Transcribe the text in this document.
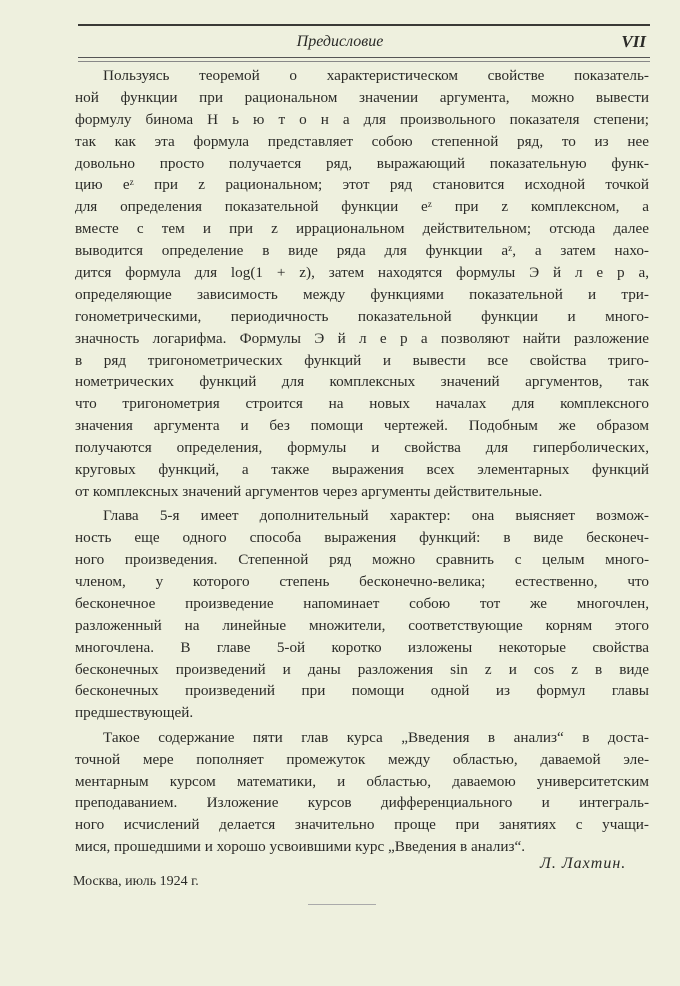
Предисловие	VII
Пользуясь теоремой о характеристическом свойстве показатель-
ной функции при рациональном значении аргумента, можно вывести
формулу бинома Н ь ю т о н а для произвольного показателя степени;
так как эта формула представляет собою степенной ряд, то из нее
довольно просто получается ряд, выражающий показательную функ-
цию eᶻ при z рациональном; этот ряд становится исходной точкой
для определения показательной функции eᶻ при z комплексном, а
вместе с тем и при z иррациональном действительном; отсюда далее
выводится определение в виде ряда для функции aᶻ, а затем нахо-
дится формула для log(1 + z), затем находятся формулы Э й л е р а,
определяющие зависимость между функциями показательной и три-
гонометрическими, периодичность показательной функции и много-
значность логарифма. Формулы Э й л е р а позволяют найти разложение
в ряд тригонометрических функций и вывести все свойства триго-
нометрических функций для комплексных значений аргументов, так
что тригонометрия строится на новых началах для комплексного
значения аргумента и без помощи чертежей. Подобным же образом
получаются определения, формулы и свойства для гиперболических,
круговых функций, а также выражения всех элементарных функций
от комплексных значений аргументов через аргументы действительные.
Глава 5-я имеет дополнительный характер: она выясняет возмож-
ность еще одного способа выражения функций: в виде бесконеч-
ного произведения. Степенной ряд можно сравнить с целым много-
членом, у которого степень бесконечно-велика; естественно, что
бесконечное произведение напоминает собою тот же многочлен,
разложенный на линейные множители, соответствующие корням этого
многочлена. В главе 5-ой коротко изложены некоторые свойства
бесконечных произведений и даны разложения sin z и cos z в виде
бесконечных произведений при помощи одной из формул главы
предшествующей.
Такое содержание пяти глав курса „Введения в анализ“ в доста-
точной мере пополняет промежуток между областью, даваемой эле-
ментарным курсом математики, и областью, даваемою университетским
преподаванием. Изложение курсов дифференциального и интеграль-
ного исчислений делается значительно проще при занятиях с учащи-
мися, прошедшими и хорошо усвоившими курс „Введения в анализ“.
Л. Лахтин.
Москва, июль 1924 г.
